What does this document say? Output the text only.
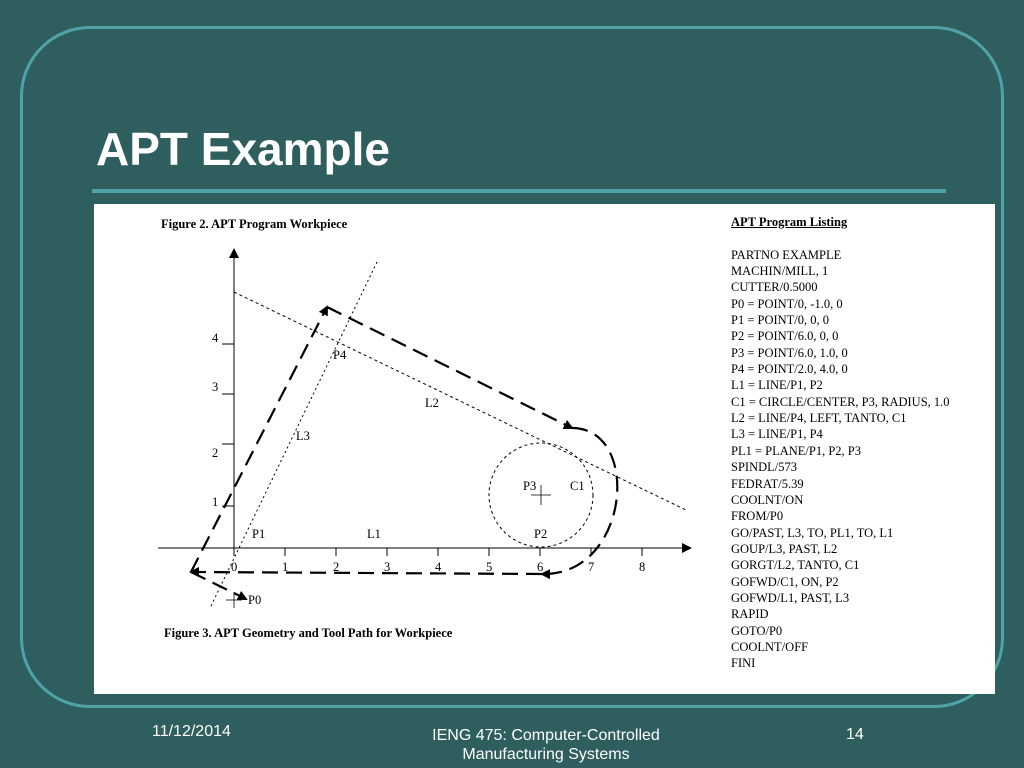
APT Example
0	1	2	3	4	5	6	7	8
1
2
3
4
P1	L1	P2
P3	C1
L2
L3
P4
P0
Figure 2. APT Program Workpiece
Figure 3. APT Geometry and Tool Path for Workpiece
APT Program Listing
PARTNO EXAMPLE
MACHIN/MILL, 1
CUTTER/0.5000
P0 = POINT/0, -1.0, 0
P1 = POINT/0, 0, 0
P2 = POINT/6.0, 0, 0
P3 = POINT/6.0, 1.0, 0
P4 = POINT/2.0, 4.0, 0
L1 = LINE/P1, P2
C1 = CIRCLE/CENTER, P3, RADIUS, 1.0
L2 = LINE/P4, LEFT, TANTO, C1
L3 = LINE/P1, P4
PL1 = PLANE/P1, P2, P3
SPINDL/573
FEDRAT/5.39
COOLNT/ON
FROM/P0
GO/PAST, L3, TO, PL1, TO, L1
GOUP/L3, PAST, L2
GORGT/L2, TANTO, C1
GOFWD/C1, ON, P2
GOFWD/L1, PAST, L3
RAPID
GOTO/P0
COOLNT/OFF
FINI
11/12/2014	IENG 475: Computer-Controlled
Manufacturing Systems
14
